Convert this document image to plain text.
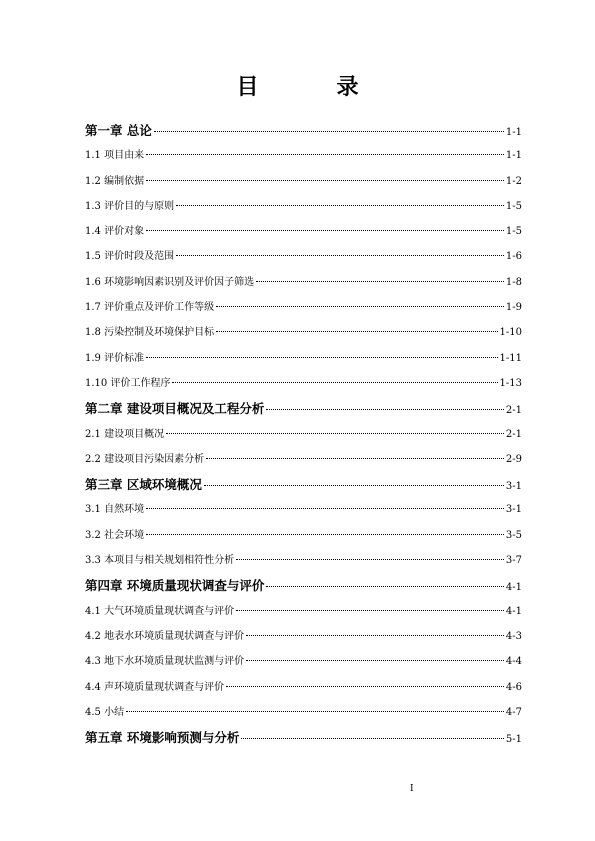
目　录
第一章 总论	1-1
1.1 项目由来	1-1
1.2 编制依据	1-2
1.3 评价目的与原则	1-5
1.4 评价对象	1-5
1.5 评价时段及范围	1-6
1.6 环境影响因素识别及评价因子筛选	1-8
1.7 评价重点及评价工作等级	1-9
1.8 污染控制及环境保护目标	1-10
1.9 评价标准	1-11
1.10 评价工作程序	1-13
第二章 建设项目概况及工程分析	2-1
2.1 建设项目概况	2-1
2.2 建设项目污染因素分析	2-9
第三章 区域环境概况	3-1
3.1 自然环境	3-1
3.2 社会环境	3-5
3.3 本项目与相关规划相符性分析	3-7
第四章 环境质量现状调查与评价	4-1
4.1 大气环境质量现状调查与评价	4-1
4.2 地表水环境质量现状调查与评价	4-3
4.3 地下水环境质量现状监测与评价	4-4
4.4 声环境质量现状调查与评价	4-6
4.5 小结	4-7
第五章 环境影响预测与分析	5-1
I
